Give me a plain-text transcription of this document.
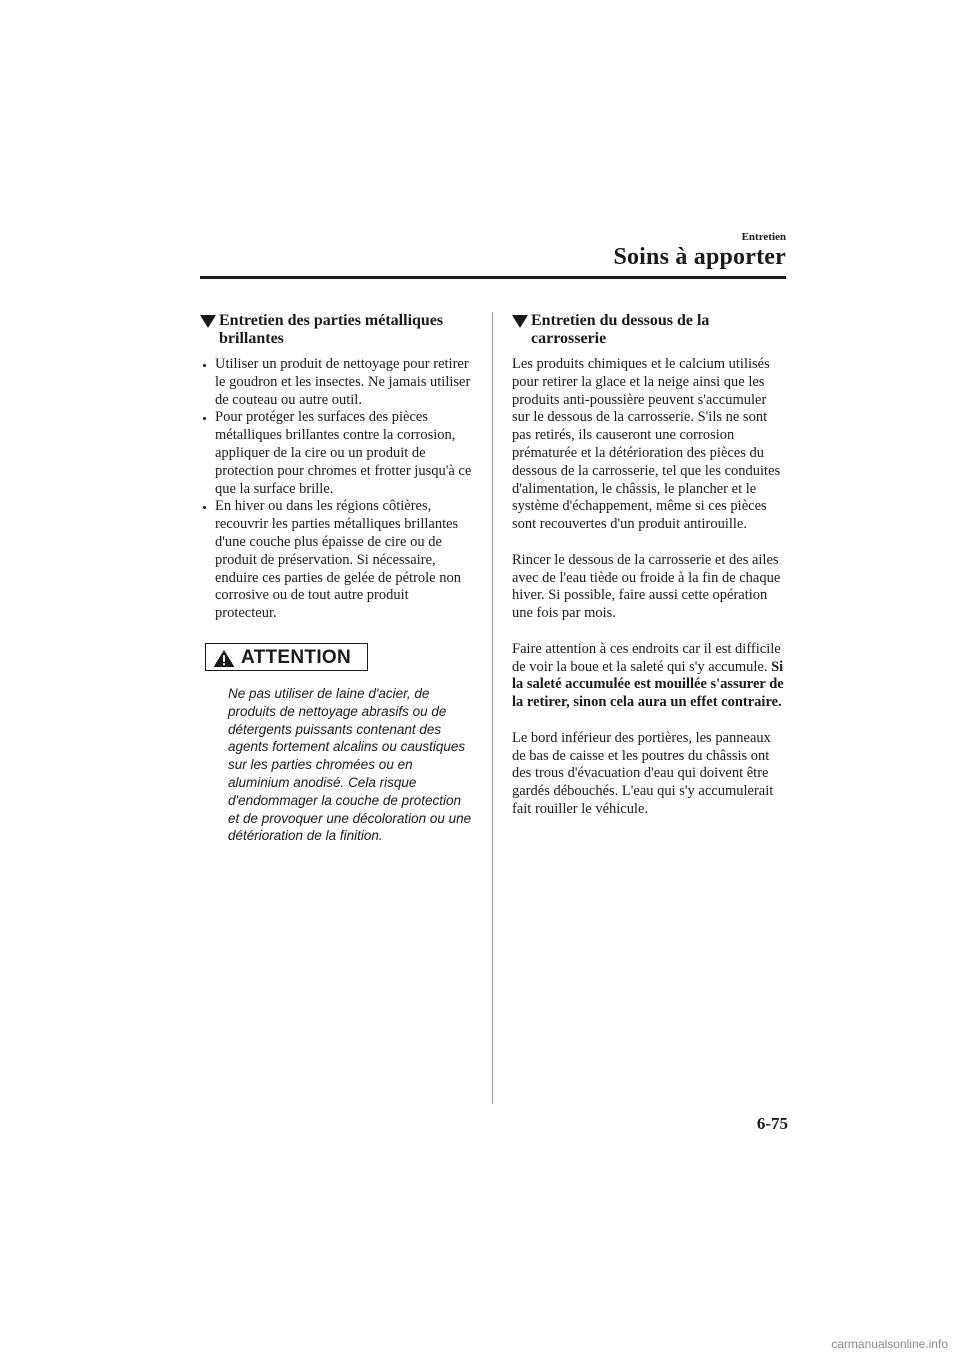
Entretien
Soins à apporter
Entretien des parties métalliques brillantes
Utiliser un produit de nettoyage pour retirer le goudron et les insectes. Ne jamais utiliser de couteau ou autre outil.
Pour protéger les surfaces des pièces métalliques brillantes contre la corrosion, appliquer de la cire ou un produit de protection pour chromes et frotter jusqu'à ce que la surface brille.
En hiver ou dans les régions côtières, recouvrir les parties métalliques brillantes d'une couche plus épaisse de cire ou de produit de préservation. Si nécessaire, enduire ces parties de gelée de pétrole non corrosive ou de tout autre produit protecteur.
ATTENTION
Ne pas utiliser de laine d'acier, de produits de nettoyage abrasifs ou de détergents puissants contenant des agents fortement alcalins ou caustiques sur les parties chromées ou en aluminium anodisé. Cela risque d'endommager la couche de protection et de provoquer une décoloration ou une détérioration de la finition.
Entretien du dessous de la carrosserie

Les produits chimiques et le calcium utilisés pour retirer la glace et la neige ainsi que les produits anti-poussière peuvent s'accumuler sur le dessous de la carrosserie. S'ils ne sont pas retirés, ils causeront une corrosion prématurée et la détérioration des pièces du dessous de la carrosserie, tel que les conduites d'alimentation, le châssis, le plancher et le système d'échappement, même si ces pièces sont recouvertes d'un produit antirouille.

Rincer le dessous de la carrosserie et des ailes avec de l'eau tiède ou froide à la fin de chaque hiver. Si possible, faire aussi cette opération une fois par mois.

Faire attention à ces endroits car il est difficile de voir la boue et la saleté qui s'y accumule. Si la saleté accumulée est mouillée s'assurer de la retirer, sinon cela aura un effet contraire.

Le bord inférieur des portières, les panneaux de bas de caisse et les poutres du châssis ont des trous d'évacuation d'eau qui doivent être gardés débouchés. L'eau qui s'y accumulerait fait rouiller le véhicule.

6-75
carmanualsonline.info
